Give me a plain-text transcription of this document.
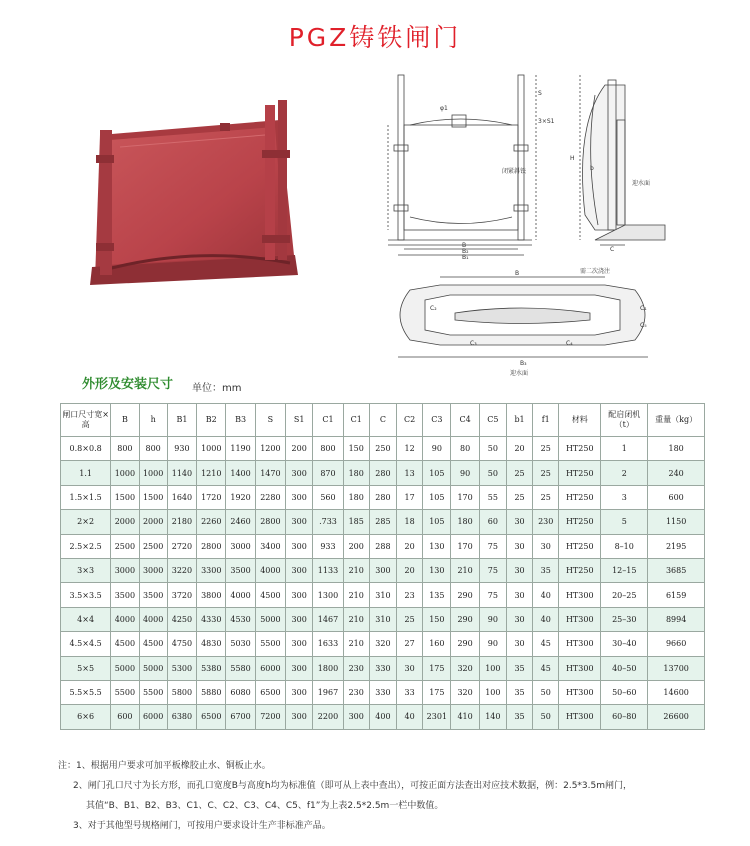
PGZ铸铁闸门
B
B₂
B₁
闭紧斜铁
S
3×S1
φ1
H
b
迎水面
C
需二次浇注
B
B₃
迎水面
C₁
C₅
C₃	C₄
C₂
外形及安装尺寸 单位：mm
闸口尺寸宽×高	B	h	B1	B2	B3	S	S1	C1	C1	C	C2	C3	C4	C5	b1	f1	材料	配启闭机（t）	重量（kg）
0.8×0.8	800	800	930	1000	1190	1200	200	800	150	250	12	90	80	50	20	25	HT250	1	180
1.1	1000	1000	1140	1210	1400	1470	300	870	180	280	13	105	90	50	25	25	HT250	2	240
1.5×1.5	1500	1500	1640	1720	1920	2280	300	560	180	280	17	105	170	55	25	25	HT250	3	600
2×2	2000	2000	2180	2260	2460	2800	300	.733	185	285	18	105	180	60	30	230	HT250	5	1150
2.5×2.5	2500	2500	2720	2800	3000	3400	300	933	200	288	20	130	170	75	30	30	HT250	8–10	2195
3×3	3000	3000	3220	3300	3500	4000	300	1133	210	300	20	130	210	75	30	35	HT250	12–15	3685
3.5×3.5	3500	3500	3720	3800	4000	4500	300	1300	210	310	23	135	290	75	30	40	HT300	20–25	6159
4×4	4000	4000	4250	4330	4530	5000	300	1467	210	310	25	150	290	90	30	40	HT300	25–30	8994
4.5×4.5	4500	4500	4750	4830	5030	5500	300	1633	210	320	27	160	290	90	30	45	HT300	30–40	9660
5×5	5000	5000	5300	5380	5580	6000	300	1800	230	330	30	175	320	100	35	45	HT300	40–50	13700
5.5×5.5	5500	5500	5800	5880	6080	6500	300	1967	230	330	33	175	320	100	35	50	HT300	50–60	14600
6×6	600	6000	6380	6500	6700	7200	300	2200	300	400	40	2301	410	140	35	50	HT300	60–80	26600
注：1、根据用户要求可加平板橡胶止水、铜板止水。
2、闸门孔口尺寸为长方形，而孔口宽度B与高度h均为标准值（即可从上表中查出），可按正面方法查出对应技术数据，例：2.5*3.5m闸门，
其值“B、B1、B2、B3、C1、C、C2、C3、C4、C5、f1”为上表2.5*2.5m一栏中数值。
3、对于其他型号规格闸门，可按用户要求设计生产非标准产品。
